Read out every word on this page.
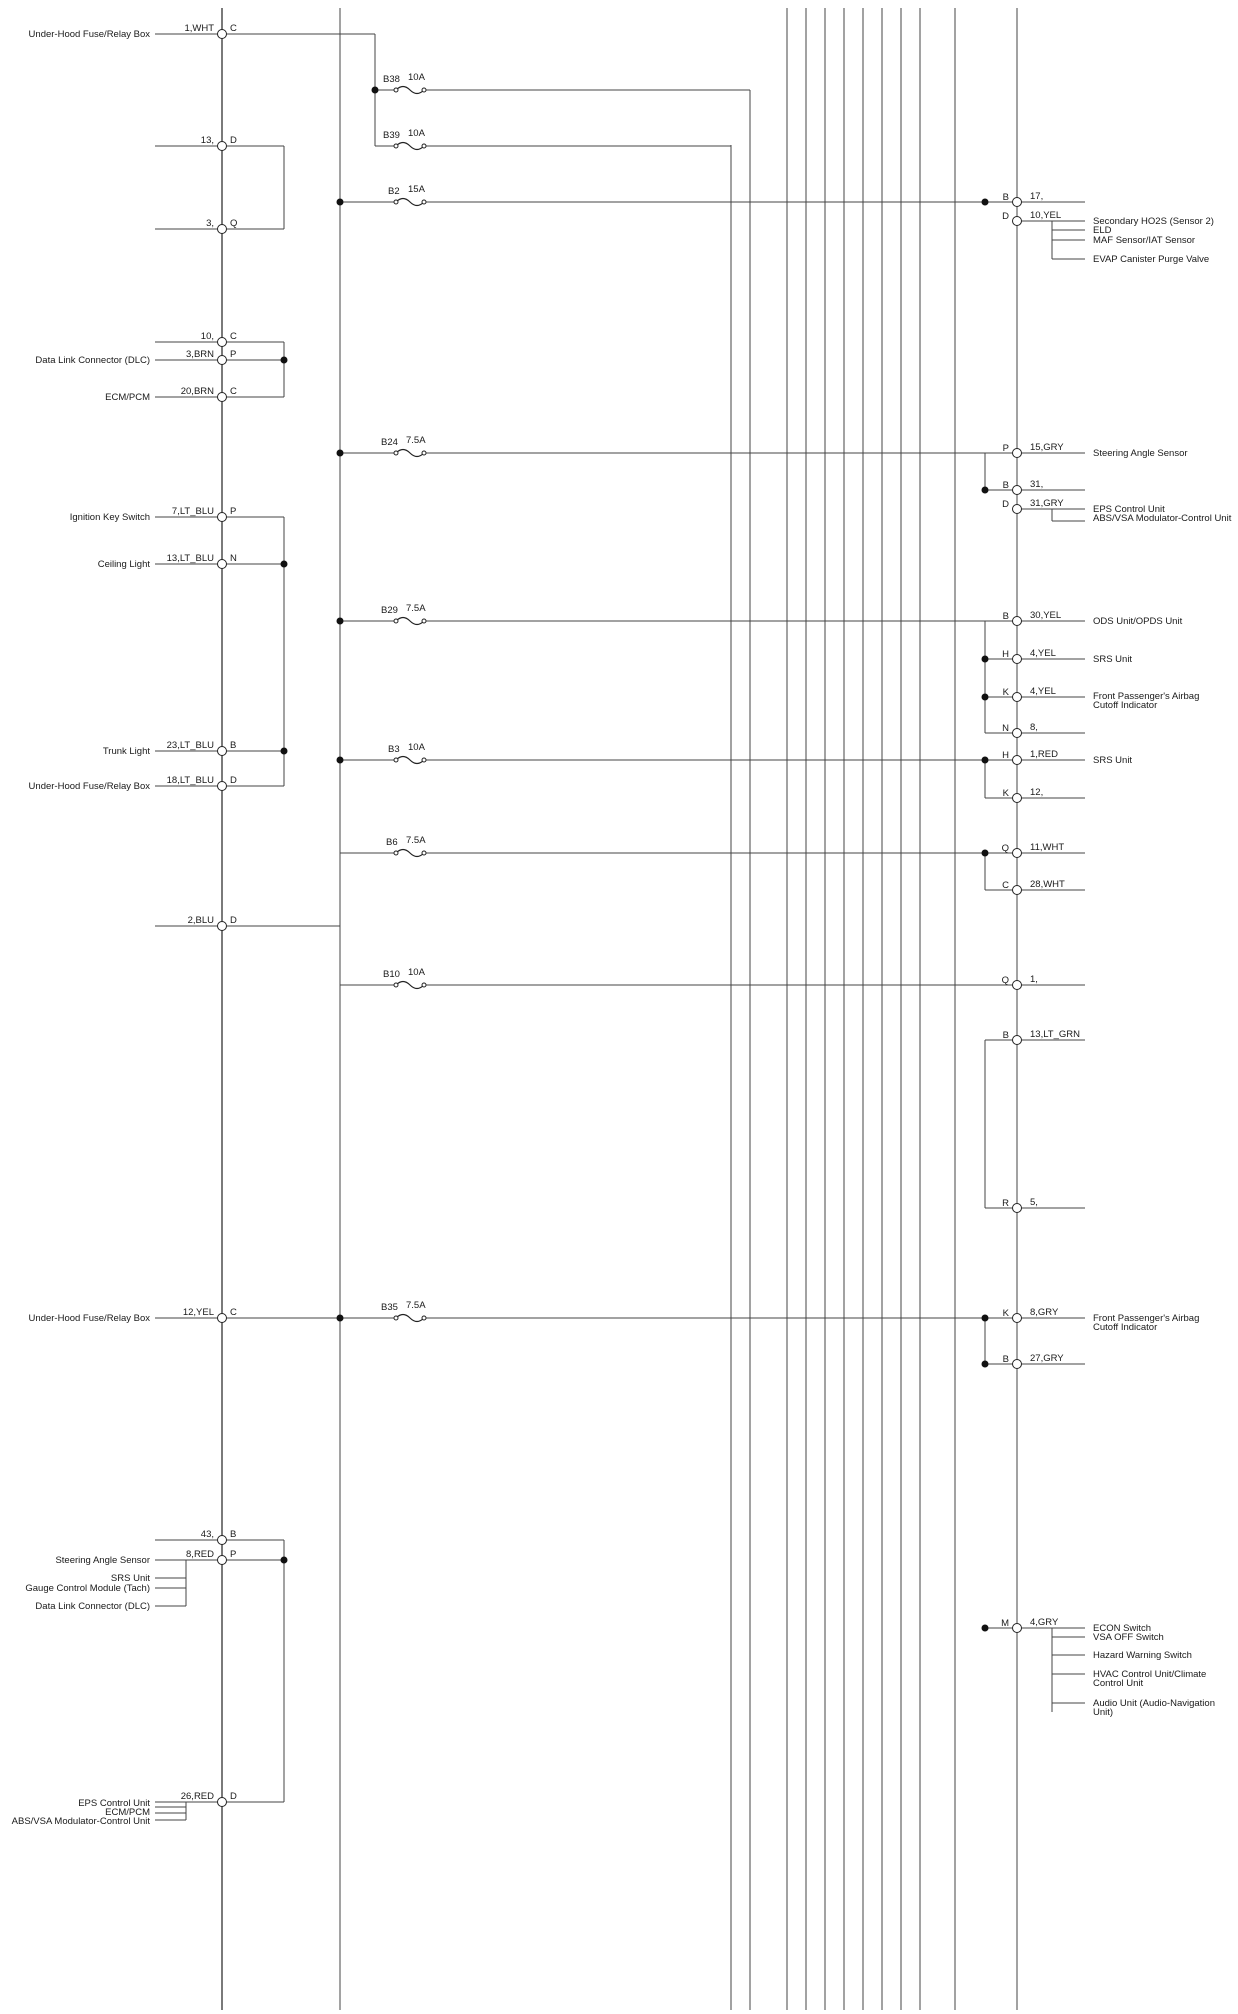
B38 10A
B39 10A
B2 15A
B24 7.5A
B29 7.5A
B3 10A
B6 7.5A
B10 10A
B35 7.5A
Under-Hood Fuse/Relay Box
Data Link Connector (DLC)
ECM/PCM
Ignition Key Switch
Ceiling Light
Trunk Light
Under-Hood Fuse/Relay Box
Under-Hood Fuse/Relay Box
Steering Angle Sensor
SRS Unit
Gauge Control Module (Tach)
Data Link Connector (DLC)
EPS Control Unit
ECM/PCM
ABS/VSA Modulator-Control Unit
1,WHT
13,
3,
10,
3,BRN
20,BRN
7,LT_BLU
13,LT_BLU
23,LT_BLU
18,LT_BLU
2,BLU
12,YEL
43,
8,RED
26,RED
C
D
Q
C
P
C
P
N
B
D
D
C
B
P
D
B
D
P
B
D
B
H
K
N
H
K
Q
C
Q
B
R
K
B
M
17,
10,YEL
15,GRY
31,
31,GRY
30,YEL
4,YEL
4,YEL
8,
1,RED
12,
11,WHT
28,WHT
1,
13,LT_GRN
5,
8,GRY
27,GRY
4,GRY
Secondary HO2S (Sensor 2)
ELD
MAF Sensor/IAT Sensor
EVAP Canister Purge Valve
Steering Angle Sensor
EPS Control Unit
ABS/VSA Modulator-Control Unit
ODS Unit/OPDS Unit
SRS Unit
Front Passenger's Airbag
Cutoff Indicator
SRS Unit
Front Passenger's Airbag
Cutoff Indicator
ECON Switch
VSA OFF Switch
Hazard Warning Switch
HVAC Control Unit/Climate
Control Unit
Audio Unit (Audio-Navigation
Unit)
